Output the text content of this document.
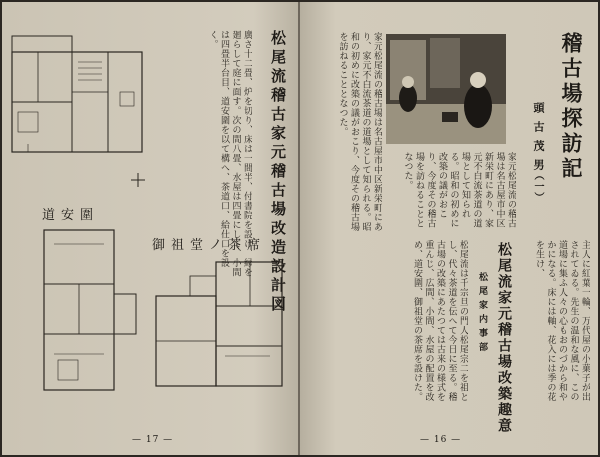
松尾流稽古家元稽古場改造設計図
廣さ十二畳、炉を切り、床は一間半、付書院を設け、縁を廻らして庭に面す。次の間八畳、水屋は四畳にして、小間は四畳半台目、道安圍を以て構へ、茶道口、給仕口を設く。
道安圍
御祖堂ノ茶席
— 17 —
稽古場探訪記
（一）
頭古茂男
家元松尾流の稽古場は名古屋市中区新栄町にあり、家元不白流茶道の道場として知られる。昭和の初めに改築の議がおこり、今度その稽古場を訪ねることとなつた。
家元松尾流の稽古場は名古屋市中区新栄町にあり、家元不白流茶道の道場として知られる。昭和の初めに改築の議がおこり、今度その稽古場を訪ねることとなつた。
松尾流家元稽古場改築趣意
松尾家内事部
松尾流は千宗旦の門人松尾宗二を祖とし、代々茶道を伝へて今日に至る。稽古場の改築にあたつては古来の様式を重んじ、広間、小間、水屋の配置を改め、道安圍、御祖堂の茶席を設けた。	主人に紅葉一輪、万代屋の小菓子が出されてゐる。先生の温和な風に、この道場に集ふ人々の心もおのづから和やかになる。床には軸、花入には季の花を生け、
— 16 —
